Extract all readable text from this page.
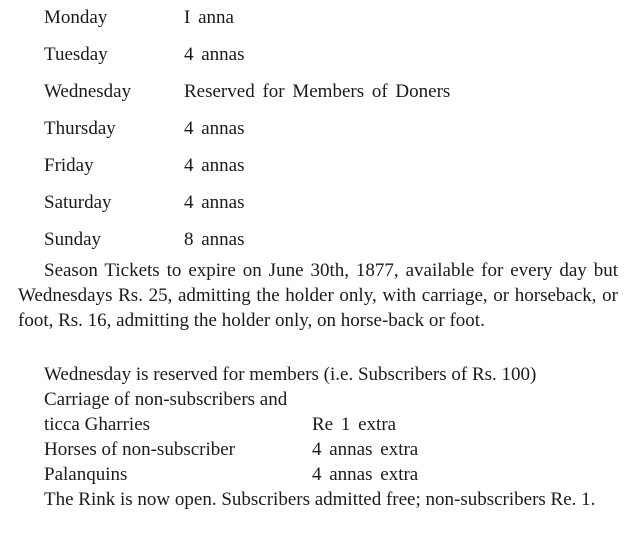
Monday	I anna
Tuesday	4 annas
Wednesday	Reserved for Members of Doners
Thursday	4 annas
Friday	4 annas
Saturday	4 annas
Sunday	8 annas

Season Tickets to expire on June 30th, 1877, available for every day but Wednesdays Rs. 25, admitting the holder only, with carriage, or horseback, or foot, Rs. 16, admitting the holder only, on horse-back or foot.

Wednesday is reserved for members (i.e. Subscribers of Rs. 100)
Carriage of non-subscribers and
ticca Gharries	Re 1 extra
Horses of non-subscriber	4 annas extra
Palanquins	4 annas extra

The Rink is now open. Subscribers admitted free; non-subscribers Re. 1.
